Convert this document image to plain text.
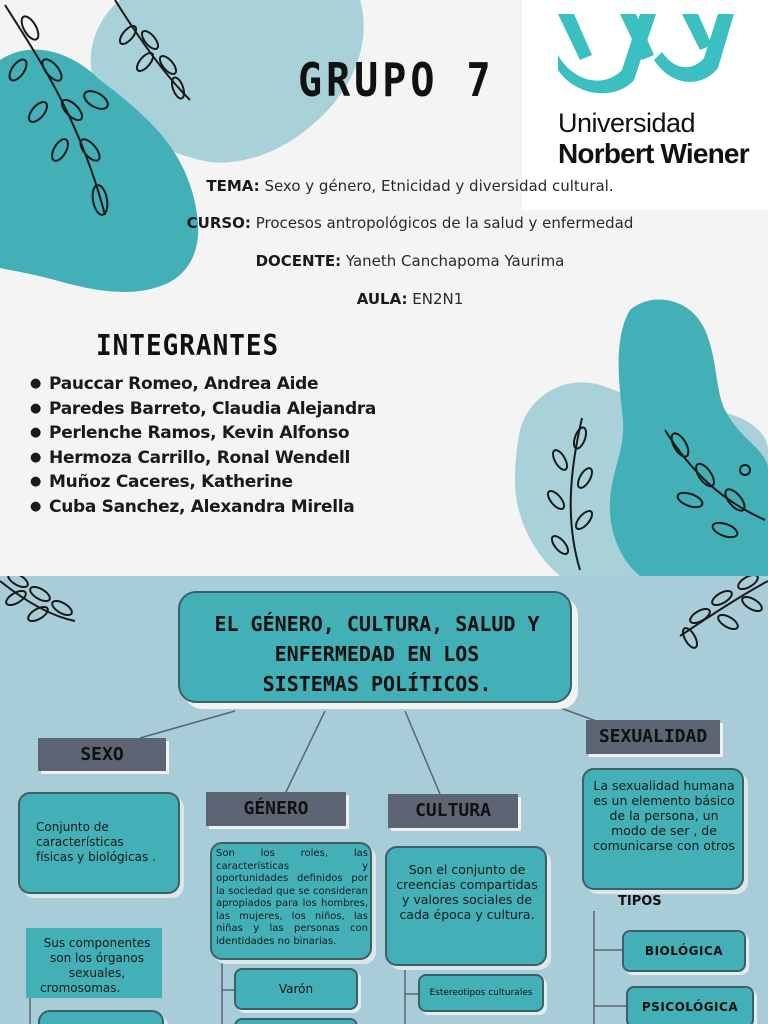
Universidad
Norbert Wiener
GRUPO 7
TEMA: Sexo y género, Etnicidad y diversidad cultural.
CURSO: Procesos antropológicos de la salud y enfermedad
DOCENTE: Yaneth Canchapoma Yaurima
AULA: EN2N1
INTEGRANTES
● Pauccar Romeo, Andrea Aide
● Paredes Barreto, Claudia Alejandra
● Perlenche Ramos, Kevin Alfonso
● Hermoza Carrillo, Ronal Wendell
● Muñoz Caceres, Katherine
● Cuba Sanchez, Alexandra Mirella
EL GÉNERO, CULTURA, SALUD Y
ENFERMEDAD EN LOS
SISTEMAS POLÍTICOS.
SEXO
Conjunto de características físicas y biológicas .
Sus componentes son los órganos sexuales, cromosomas.
GÉNERO
Son los roles, las características y oportunidades definidos por la sociedad que se consideran apropiados para los hombres, las mujeres, los niños, las niñas y las personas con identidades no binarias.
Varón
CULTURA
Son el conjunto de creencias compartidas y valores sociales de cada época y cultura.
Estereotipos culturales
SEXUALIDAD
La sexualidad humana es un elemento básico de la persona, un modo de ser , de comunicarse con otros
TIPOS
BIOLÓGICA
PSICOLÓGICA
